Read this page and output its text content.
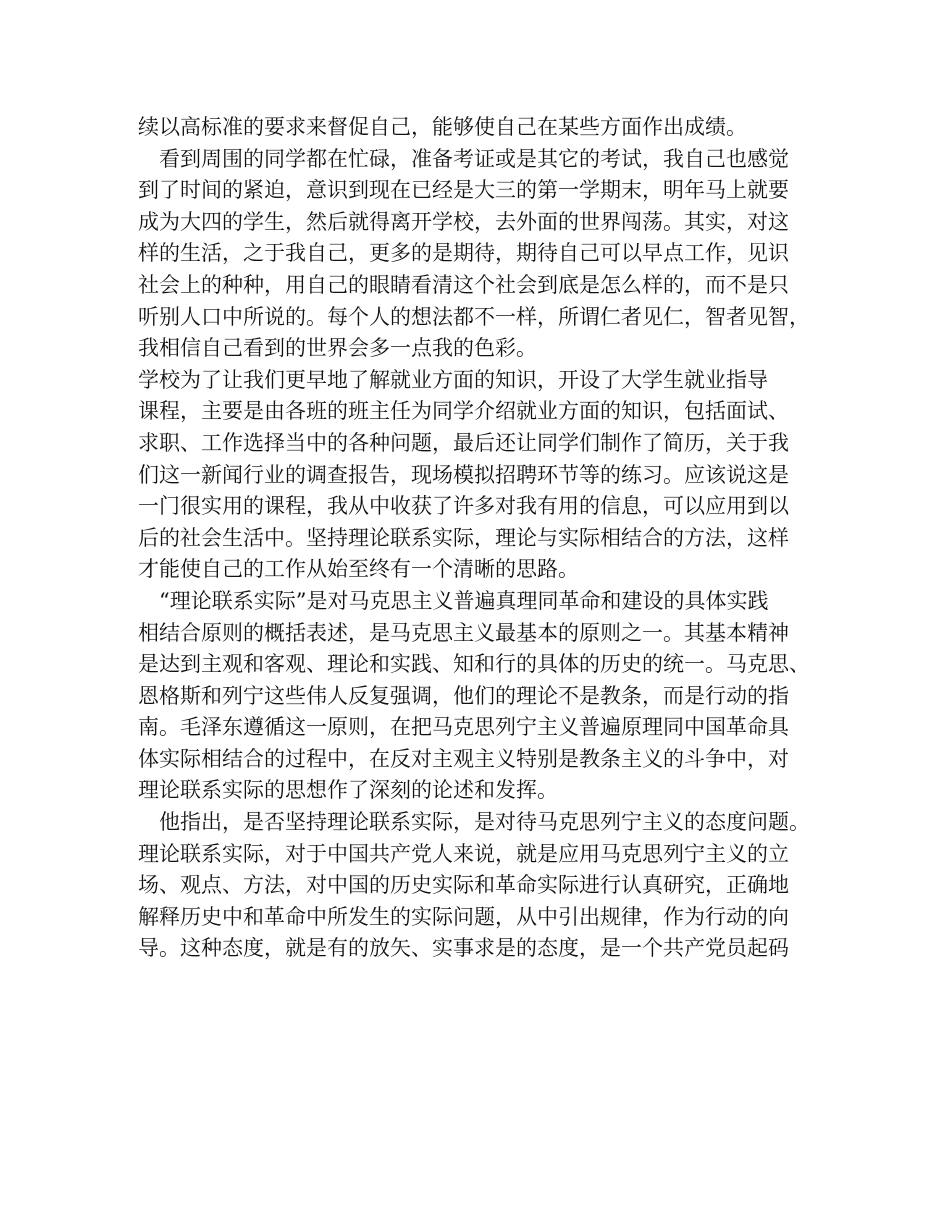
续以高标准的要求来督促自己，能够使自己在某些方面作出成绩。
　看到周围的同学都在忙碌，准备考证或是其它的考试，我自己也感觉
到了时间的紧迫，意识到现在已经是大三的第一学期末，明年马上就要
成为大四的学生，然后就得离开学校，去外面的世界闯荡。其实，对这
样的生活，之于我自己，更多的是期待，期待自己可以早点工作，见识
社会上的种种，用自己的眼睛看清这个社会到底是怎么样的，而不是只
听别人口中所说的。每个人的想法都不一样，所谓仁者见仁，智者见智，
我相信自己看到的世界会多一点我的色彩。
学校为了让我们更早地了解就业方面的知识，开设了大学生就业指导
课程，主要是由各班的班主任为同学介绍就业方面的知识，包括面试、
求职、工作选择当中的各种问题，最后还让同学们制作了简历，关于我
们这一新闻行业的调查报告，现场模拟招聘环节等的练习。应该说这是
一门很实用的课程，我从中收获了许多对我有用的信息，可以应用到以
后的社会生活中。坚持理论联系实际，理论与实际相结合的方法，这样
才能使自己的工作从始至终有一个清晰的思路。
　“理论联系实际”是对马克思主义普遍真理同革命和建设的具体实践
相结合原则的概括表述，是马克思主义最基本的原则之一。其基本精神
是达到主观和客观、理论和实践、知和行的具体的历史的统一。马克思、
恩格斯和列宁这些伟人反复强调，他们的理论不是教条，而是行动的指
南。毛泽东遵循这一原则，在把马克思列宁主义普遍原理同中国革命具
体实际相结合的过程中，在反对主观主义特别是教条主义的斗争中，对
理论联系实际的思想作了深刻的论述和发挥。
　他指出，是否坚持理论联系实际，是对待马克思列宁主义的态度问题。
理论联系实际，对于中国共产党人来说，就是应用马克思列宁主义的立
场、观点、方法，对中国的历史实际和革命实际进行认真研究，正确地
解释历史中和革命中所发生的实际问题，从中引出规律，作为行动的向
导。这种态度，就是有的放矢、实事求是的态度，是一个共产党员起码
